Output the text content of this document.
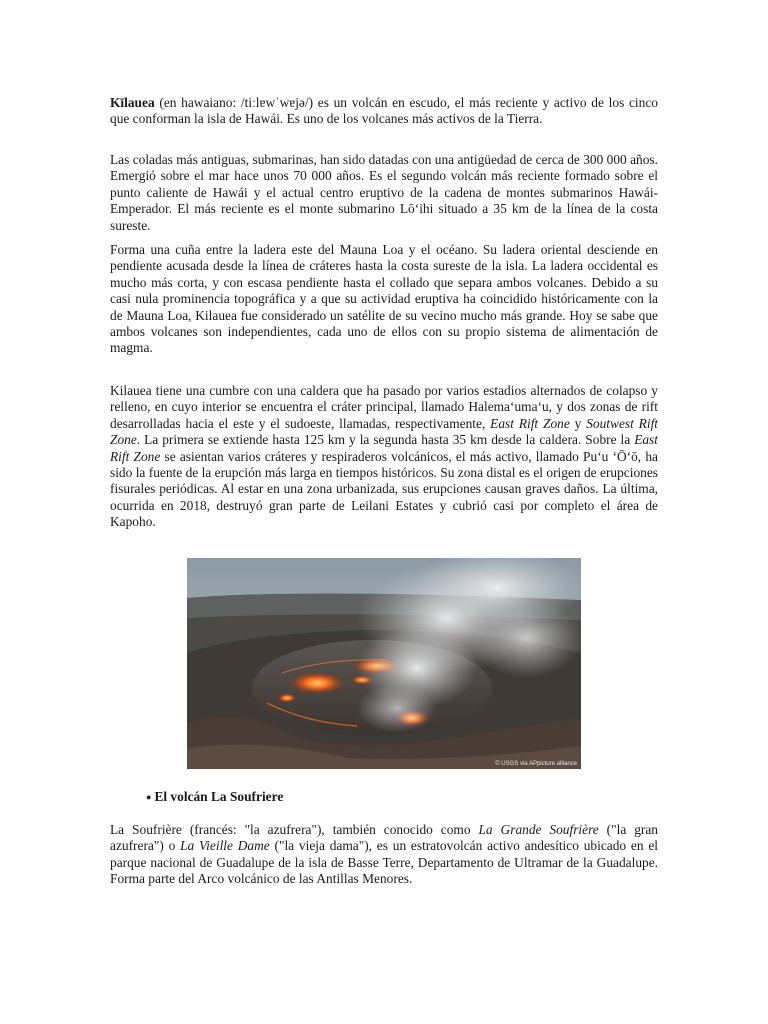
Kīlauea (en hawaiano: /tiːlɐwˈwɐjə/) es un volcán en escudo, el más reciente y activo de los cinco que conforman la isla de Hawái. Es uno de los volcanes más activos de la Tierra.

Las coladas más antiguas, submarinas, han sido datadas con una antigüedad de cerca de 300 000 años. Emergió sobre el mar hace unos 70 000 años. Es el segundo volcán más reciente formado sobre el punto caliente de Hawái y el actual centro eruptivo de la cadena de montes submarinos Hawái-Emperador. El más reciente es el monte submarino Lōʻihi situado a 35 km de la línea de la costa sureste.

Forma una cuña entre la ladera este del Mauna Loa y el océano. Su ladera oriental desciende en pendiente acusada desde la línea de cráteres hasta la costa sureste de la isla. La ladera occidental es mucho más corta, y con escasa pendiente hasta el collado que separa ambos volcanes. Debido a su casi nula prominencia topográfica y a que su actividad eruptiva ha coincidido históricamente con la de Mauna Loa, Kilauea fue considerado un satélite de su vecino mucho más grande. Hoy se sabe que ambos volcanes son independientes, cada uno de ellos con su propio sistema de alimentación de magma.

Kilauea tiene una cumbre con una caldera que ha pasado por varios estadios alternados de colapso y relleno, en cuyo interior se encuentra el cráter principal, llamado Halemaʻumaʻu, y dos zonas de rift desarrolladas hacia el este y el sudoeste, llamadas, respectivamente, East Rift Zone y Soutwest Rift Zone. La primera se extiende hasta 125 km y la segunda hasta 35 km desde la caldera. Sobre la East Rift Zone se asientan varios cráteres y respiraderos volcánicos, el más activo, llamado Puʻu ʻŌʻō, ha sido la fuente de la erupción más larga en tiempos históricos. Su zona distal es el origen de erupciones fisurales periódicas. Al estar en una zona urbanizada, sus erupciones causan graves daños. La última, ocurrida en 2018, destruyó gran parte de Leilani Estates y cubrió casi por completo el área de Kapoho.

© USGS via APpicture alliance
● El volcán La Soufriere

La Soufrière (francés: "la azufrera"), también conocido como La Grande Soufrière ("la gran azufrera") o La Vieille Dame ("la vieja dama"), es un estratovolcán activo andesítico ubicado en el parque nacional de Guadalupe de la isla de Basse Terre, Departamento de Ultramar de la Guadalupe. Forma parte del Arco volcánico de las Antillas Menores.
